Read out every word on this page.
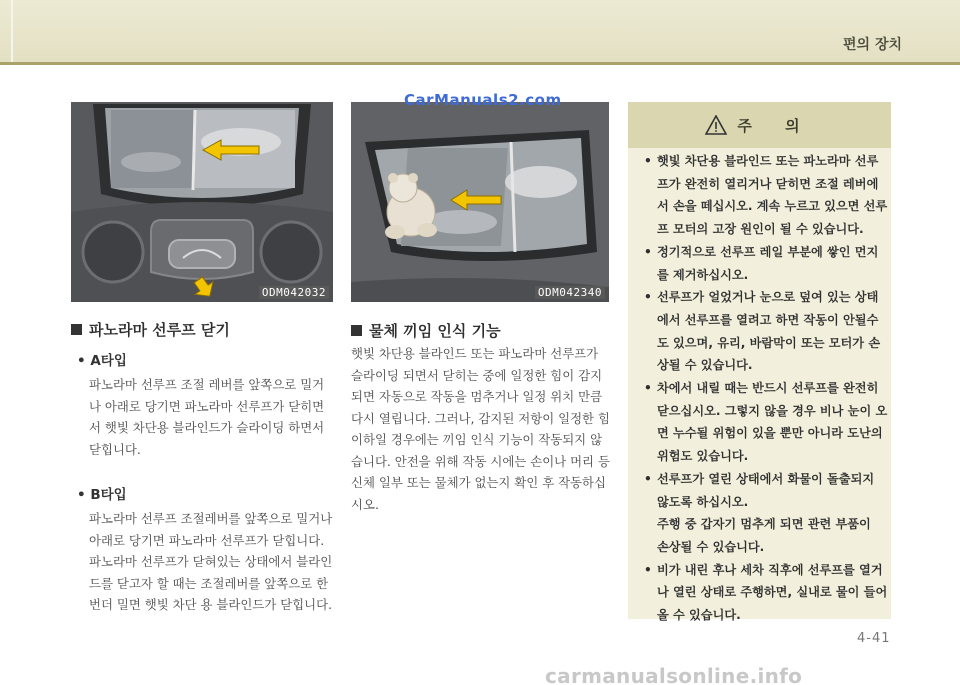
편의 장치
ODM042032	ODM042340
CarManuals2.com
파노라마 선루프 닫기
• A타입
파노라마 선루프 조절 레버를 앞쪽으로 밀거
나 아래로 당기면 파노라마 선루프가 닫히면
서 햇빛 차단용 블라인드가 슬라이딩 하면서
닫힙니다.
• B타입
파노라마 선루프 조절레버를 앞쪽으로 밀거나
아래로 당기면 파노라마 선루프가 닫힙니다.
파노라마 선루프가 닫혀있는 상태에서 블라인
드를 닫고자 할 때는 조절레버를 앞쪽으로 한
번더 밀면 햇빛 차단 용 블라인드가 닫힙니다.
물체 끼임 인식 기능
햇빛 차단용 블라인드 또는 파노라마 선루프가
슬라이딩 되면서 닫히는 중에 일정한 힘이 감지
되면 자동으로 작동을 멈추거나 일정 위치 만큼
다시 열립니다. 그러나, 감지된 저항이 일정한 힘
이하일 경우에는 끼임 인식 기능이 작동되지 않
습니다. 안전을 위해 작동 시에는 손이나 머리 등
신체 일부 또는 물체가 없는지 확인 후 작동하십
시오.
주 의
• 햇빛 차단용 블라인드 또는 파노라마 선루
프가 완전히 열리거나 닫히면 조절 레버에
서 손을 떼십시오. 계속 누르고 있으면 선루
프 모터의 고장 원인이 될 수 있습니다.
• 정기적으로 선루프 레일 부분에 쌓인 먼지
를 제거하십시오.
• 선루프가 얼었거나 눈으로 덮여 있는 상태
에서 선루프를 열려고 하면 작동이 안될수
도 있으며, 유리, 바람막이 또는 모터가 손
상될 수 있습니다.
• 차에서 내릴 때는 반드시 선루프를 완전히
닫으십시오. 그렇지 않을 경우 비나 눈이 오
면 누수될 위험이 있을 뿐만 아니라 도난의
위험도 있습니다.
• 선루프가 열린 상태에서 화물이 돌출되지
않도록 하십시오.
주행 중 갑자기 멈추게 되면 관련 부품이
손상될 수 있습니다.
• 비가 내린 후나 세차 직후에 선루프를 열거
나 열린 상태로 주행하면, 실내로 물이 들어
올 수 있습니다.
4-41
carmanualsonline.info
